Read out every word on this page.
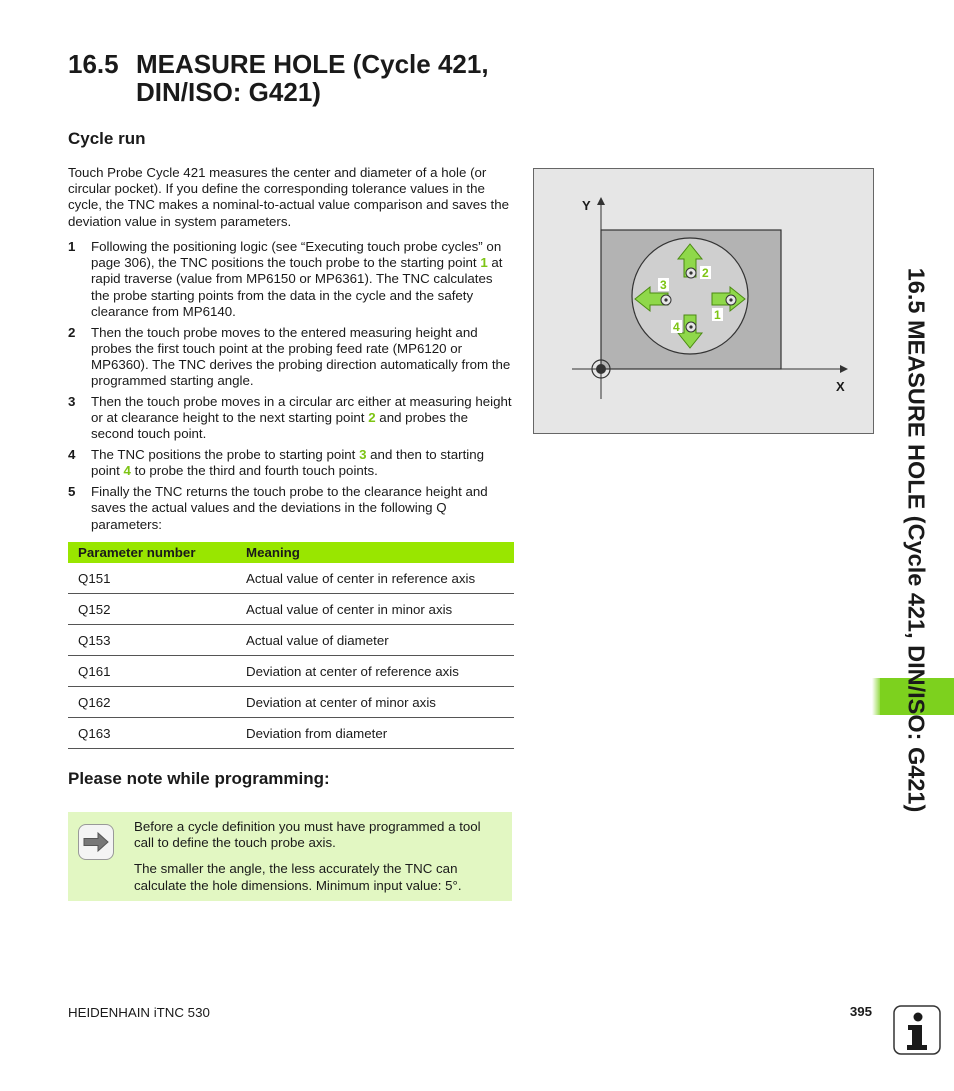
16.5 MEASURE HOLE (Cycle 421,
DIN/ISO: G421)
Cycle run

Touch Probe Cycle 421 measures the center and diameter of a hole (or circular pocket). If you define the corresponding tolerance values in the cycle, the TNC makes a nominal-to-actual value comparison and saves the deviation value in system parameters.

1	Following the positioning logic (see “Executing touch probe cycles” on page 306), the TNC positions the touch probe to the starting point 1 at rapid traverse (value from MP6150 or MP6361). The TNC calculates the probe starting points from the data in the cycle and the safety clearance from MP6140.
2	Then the touch probe moves to the entered measuring height and probes the first touch point at the probing feed rate (MP6120 or MP6360). The TNC derives the probing direction automatically from the programmed starting angle.
3	Then the touch probe moves in a circular arc either at measuring height or at clearance height to the next starting point 2 and probes the second touch point.
4	The TNC positions the probe to starting point 3 and then to starting point 4 to probe the third and fourth touch points.
5	Finally the TNC returns the touch probe to the clearance height and saves the actual values and the deviations in the following Q parameters:
Parameter number	Meaning
Q151	Actual value of center in reference axis
Q152	Actual value of center in minor axis
Q153	Actual value of diameter
Q161	Deviation at center of reference axis
Q162	Deviation at center of minor axis
Q163	Deviation from diameter
Please note while programming:

Before a cycle definition you must have programmed a tool call to define the touch probe axis.

The smaller the angle, the less accurately the TNC can calculate the hole dimensions. Minimum input value: 5°.

Y
X
1
2
3
4	16.5 MEASURE HOLE (Cycle 421, DIN/ISO: G421)
HEIDENHAIN iTNC 530	395
